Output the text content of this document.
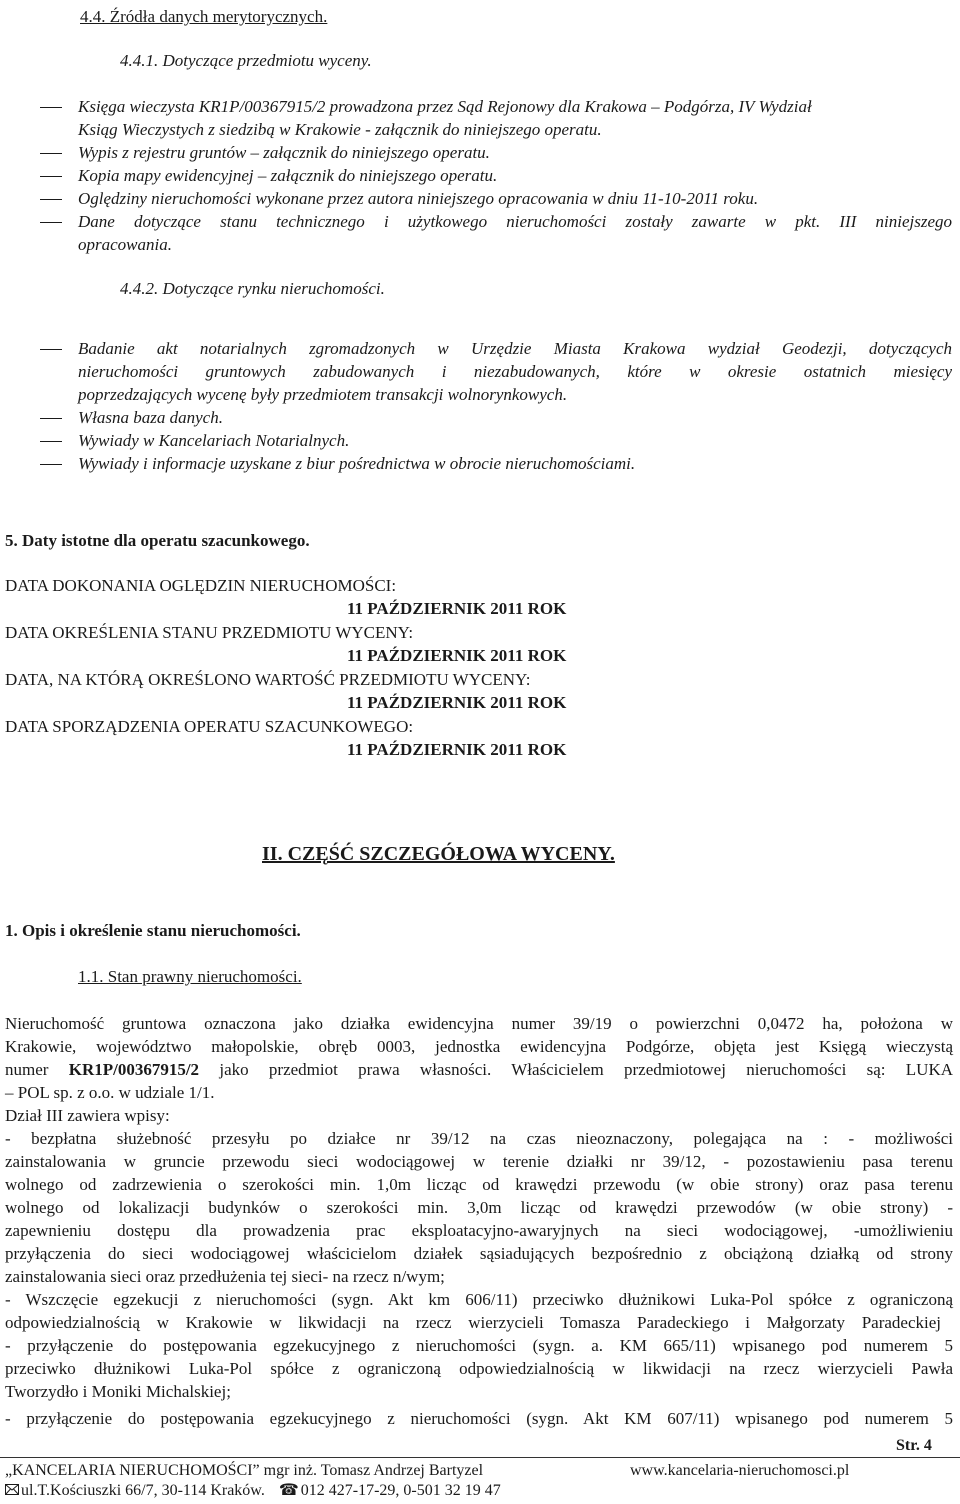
4.4. Źródła danych merytorycznych.
4.4.1. Dotyczące przedmiotu wyceny.
Księga wieczysta KR1P/00367915/2 prowadzona przez Sąd Rejonowy dla Krakowa – Podgórza, IV Wydział
Ksiąg Wieczystych z siedzibą w Krakowie - załącznik do niniejszego operatu.
Wypis z rejestru gruntów – załącznik do niniejszego operatu.
Kopia mapy ewidencyjnej – załącznik do niniejszego operatu.
Oględziny nieruchomości wykonane przez autora niniejszego opracowania w dniu 11-10-2011 roku.
Dane dotyczące stanu technicznego i użytkowego nieruchomości zostały zawarte w pkt. III niniejszego
opracowania.
4.4.2. Dotyczące rynku nieruchomości.
Badanie akt notarialnych zgromadzonych w Urzędzie Miasta Krakowa wydział Geodezji, dotyczących
nieruchomości gruntowych zabudowanych i niezabudowanych, które w okresie ostatnich miesięcy
poprzedzających wycenę były przedmiotem transakcji wolnorynkowych.
Własna baza danych.
Wywiady w Kancelariach Notarialnych.
Wywiady i informacje uzyskane z biur pośrednictwa w obrocie nieruchomościami.
5. Daty istotne dla operatu szacunkowego.
DATA DOKONANIA OGLĘDZIN NIERUCHOMOŚCI:
11 PAŹDZIERNIK 2011 ROK
DATA OKREŚLENIA STANU PRZEDMIOTU WYCENY:
11 PAŹDZIERNIK 2011 ROK
DATA, NA KTÓRĄ OKREŚLONO WARTOŚĆ PRZEDMIOTU WYCENY:
11 PAŹDZIERNIK 2011 ROK
DATA SPORZĄDZENIA OPERATU SZACUNKOWEGO:
11 PAŹDZIERNIK 2011 ROK
II. CZĘŚĆ SZCZEGÓŁOWA WYCENY.
1. Opis i określenie stanu nieruchomości.
1.1. Stan prawny nieruchomości.
Nieruchomość gruntowa oznaczona jako działka ewidencyjna numer 39/19 o powierzchni 0,0472 ha, położona w
Krakowie, województwo małopolskie, obręb 0003, jednostka ewidencyjna Podgórze, objęta jest Księgą wieczystą
numer KR1P/00367915/2 jako przedmiot prawa własności. Właścicielem przedmiotowej nieruchomości są: LUKA
– POL sp. z o.o. w udziale 1/1.
Dział III zawiera wpisy:
- bezpłatna służebność przesyłu po działce nr 39/12 na czas nieoznaczony, polegająca na : - możliwości
zainstalowania w gruncie przewodu sieci wodociągowej w terenie działki nr 39/12, - pozostawieniu pasa terenu
wolnego od zadrzewienia o szerokości min. 1,0m licząc od krawędzi przewodu (w obie strony) oraz pasa terenu
wolnego od lokalizacji budynków o szerokości min. 3,0m licząc od krawędzi przewodów (w obie strony) -
zapewnieniu dostępu dla prowadzenia prac eksploatacyjno-awaryjnych na sieci wodociągowej, -umożliwieniu
przyłączenia do sieci wodociągowej właścicielom działek sąsiadujących bezpośrednio z obciążoną działką od strony
zainstalowania sieci oraz przedłużenia tej sieci- na rzecz n/wym;
- Wszczęcie egzekucji z nieruchomości (sygn. Akt km 606/11) przeciwko dłużnikowi Luka-Pol spółce z ograniczoną
odpowiedzialnością w Krakowie w likwidacji na rzecz wierzycieli Tomasza Paradeckiego i Małgorzaty Paradeckiej
- przyłączenie do postępowania egzekucyjnego z nieruchomości (sygn. a. KM 665/11) wpisanego pod numerem 5
przeciwko dłużnikowi Luka-Pol spółce z ograniczoną odpowiedzialnością w likwidacji na rzecz wierzycieli Pawła
Tworzydło i Moniki Michalskiej;
- przyłączenie do postępowania egzekucyjnego z nieruchomości (sygn. Akt KM 607/11) wpisanego pod numerem 5
Str. 4
„KANCELARIA NIERUCHOMOŚCI” mgr inż. Tomasz Andrzej Bartyzel	www.kancelaria-nieruchomosci.pl
ul.T.Kościuszki 66/7, 30-114 Kraków. ☎ 012 427-17-29, 0-501 32 19 47
